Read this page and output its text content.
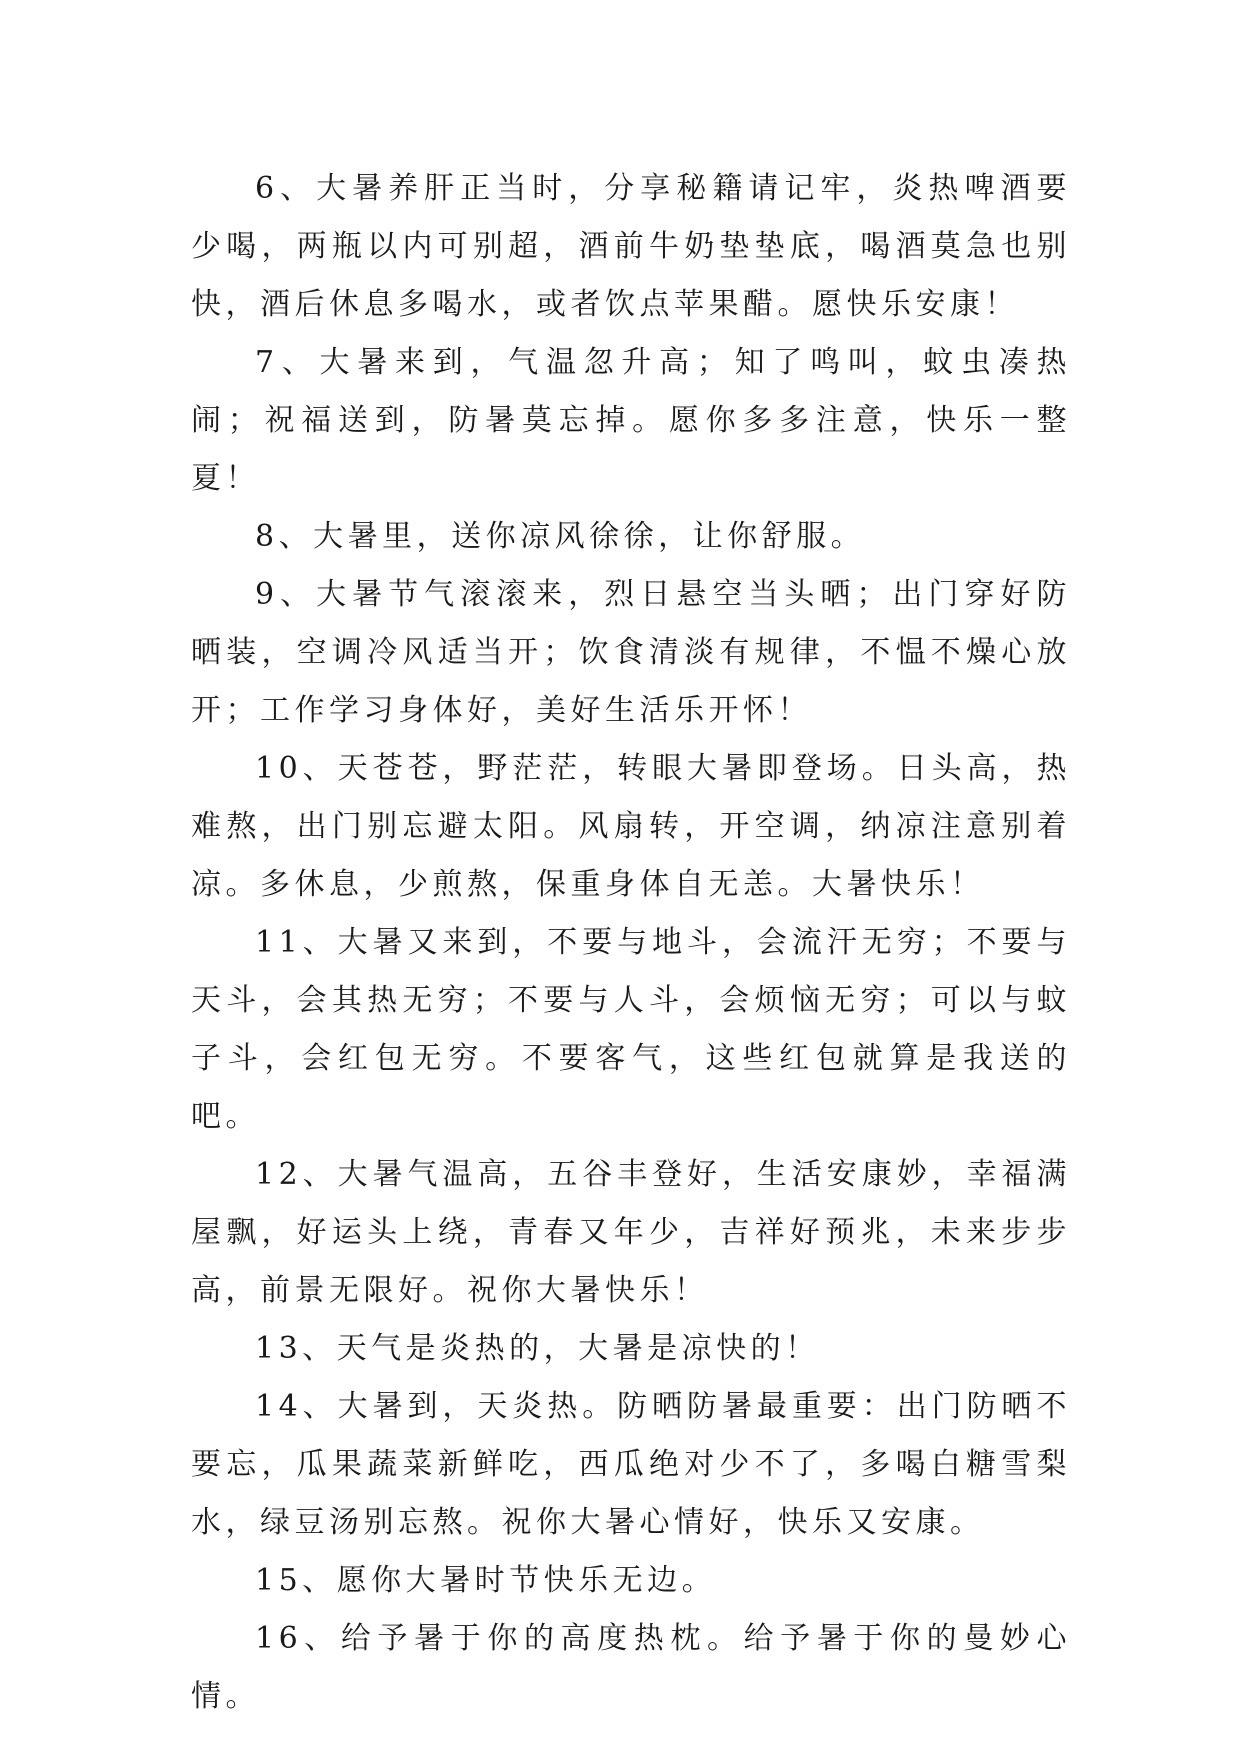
6、大暑养肝正当时，分享秘籍请记牢，炎热啤酒要少喝，两瓶以内可别超，酒前牛奶垫垫底，喝酒莫急也别快，酒后休息多喝水，或者饮点苹果醋。愿快乐安康！

7、大暑来到，气温忽升高；知了鸣叫，蚊虫凑热闹；祝福送到，防暑莫忘掉。愿你多多注意，快乐一整夏！

8、大暑里，送你凉风徐徐，让你舒服。

9、大暑节气滚滚来，烈日悬空当头晒；出门穿好防晒装，空调冷风适当开；饮食清淡有规律，不愠不燥心放开；工作学习身体好，美好生活乐开怀！

10、天苍苍，野茫茫，转眼大暑即登场。日头高，热难熬，出门别忘避太阳。风扇转，开空调，纳凉注意别着凉。多休息，少煎熬，保重身体自无恙。大暑快乐！

11、大暑又来到，不要与地斗，会流汗无穷；不要与天斗，会其热无穷；不要与人斗，会烦恼无穷；可以与蚊子斗，会红包无穷。不要客气，这些红包就算是我送的吧。

12、大暑气温高，五谷丰登好，生活安康妙，幸福满屋飘，好运头上绕，青春又年少，吉祥好预兆，未来步步高，前景无限好。祝你大暑快乐！

13、天气是炎热的，大暑是凉快的！

14、大暑到，天炎热。防晒防暑最重要：出门防晒不要忘，瓜果蔬菜新鲜吃，西瓜绝对少不了，多喝白糖雪梨水，绿豆汤别忘熬。祝你大暑心情好，快乐又安康。

15、愿你大暑时节快乐无边。

16、给予暑于你的高度热枕。给予暑于你的曼妙心情。
